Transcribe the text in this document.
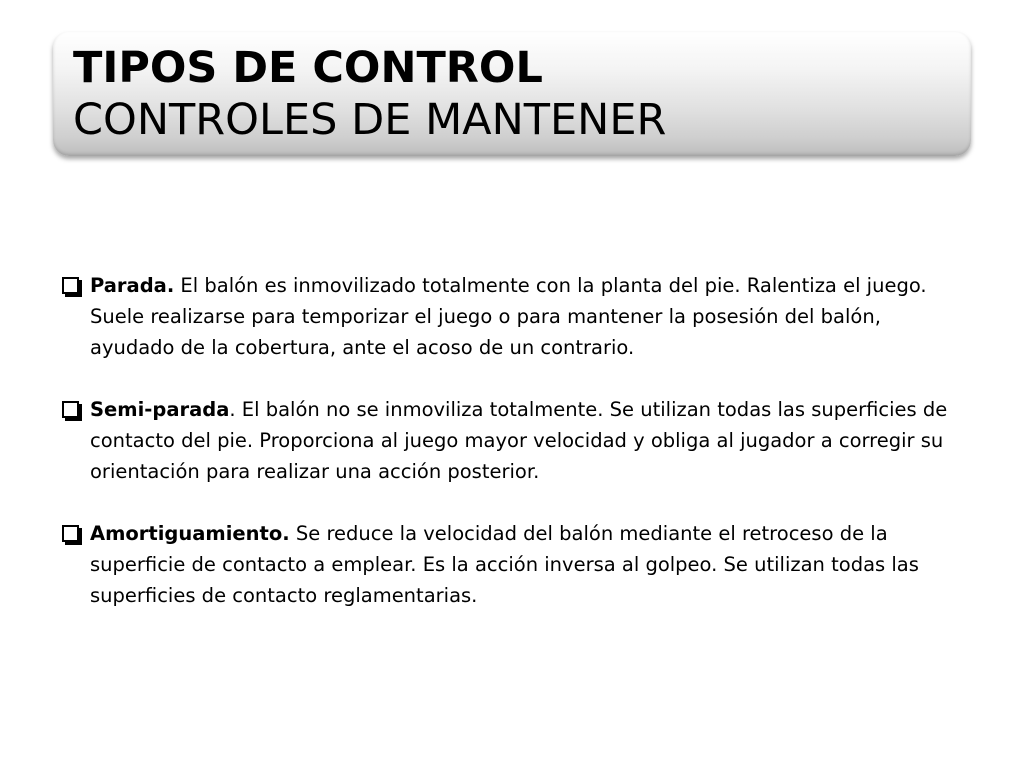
TIPOS DE CONTROL
CONTROLES DE MANTENER
Parada. El balón es inmovilizado totalmente con la planta del pie. Ralentiza el juego. Suele realizarse para temporizar el juego o para mantener la posesión del balón, ayudado de la cobertura, ante el acoso de un contrario.
Semi-parada. El balón no se inmoviliza totalmente. Se utilizan todas las superficies de contacto del pie. Proporciona al juego mayor velocidad y obliga al jugador a corregir su orientación para realizar una acción posterior.
Amortiguamiento. Se reduce la velocidad del balón mediante el retroceso de la superficie de contacto a emplear. Es la acción inversa al golpeo. Se utilizan todas las superficies de contacto reglamentarias.
